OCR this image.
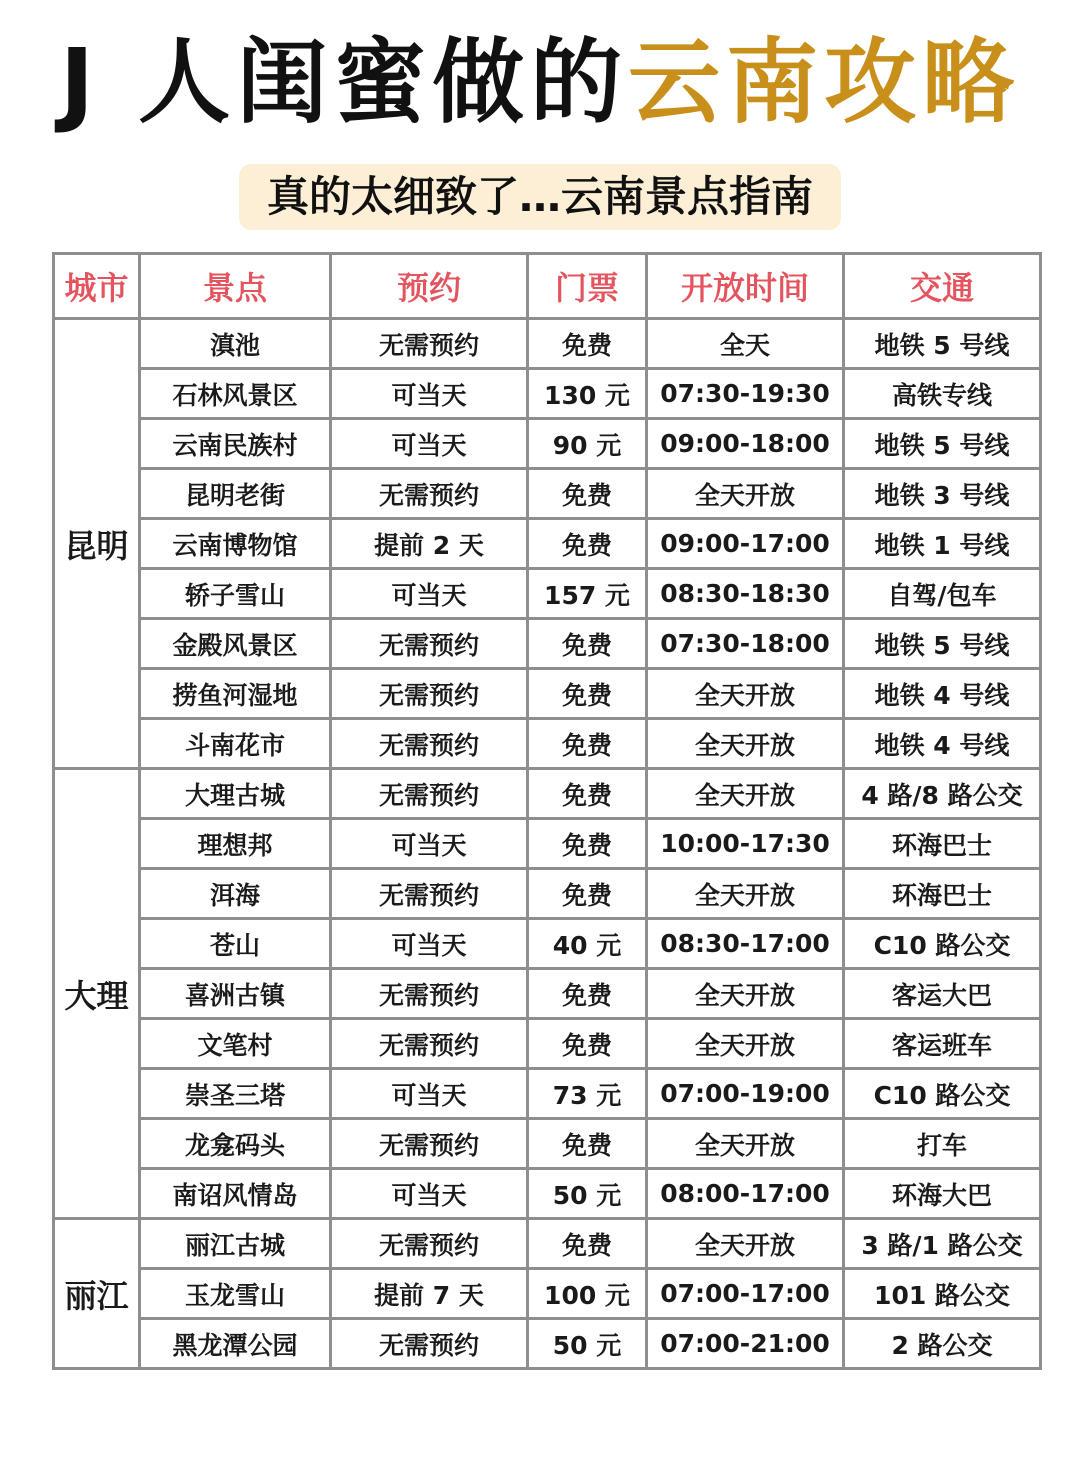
J 人闺蜜做的云南攻略
真的太细致了…云南景点指南
城市	景点	预约	门票	开放时间	交通
昆明	滇池	无需预约	免费	全天	地铁 5 号线
	石林风景区	可当天	130 元	07:30-19:30	高铁专线
	云南民族村	可当天	90 元	09:00-18:00	地铁 5 号线
	昆明老街	无需预约	免费	全天开放	地铁 3 号线
	云南博物馆	提前 2 天	免费	09:00-17:00	地铁 1 号线
	轿子雪山	可当天	157 元	08:30-18:30	自驾/包车
	金殿风景区	无需预约	免费	07:30-18:00	地铁 5 号线
	捞鱼河湿地	无需预约	免费	全天开放	地铁 4 号线
	斗南花市	无需预约	免费	全天开放	地铁 4 号线
大理	大理古城	无需预约	免费	全天开放	4 路/8 路公交
	理想邦	可当天	免费	10:00-17:30	环海巴士
	洱海	无需预约	免费	全天开放	环海巴士
	苍山	可当天	40 元	08:30-17:00	C10 路公交
	喜洲古镇	无需预约	免费	全天开放	客运大巴
	文笔村	无需预约	免费	全天开放	客运班车
	崇圣三塔	可当天	73 元	07:00-19:00	C10 路公交
	龙龛码头	无需预约	免费	全天开放	打车
	南诏风情岛	可当天	50 元	08:00-17:00	环海大巴
丽江	丽江古城	无需预约	免费	全天开放	3 路/1 路公交
	玉龙雪山	提前 7 天	100 元	07:00-17:00	101 路公交
	黑龙潭公园	无需预约	50 元	07:00-21:00	2 路公交
